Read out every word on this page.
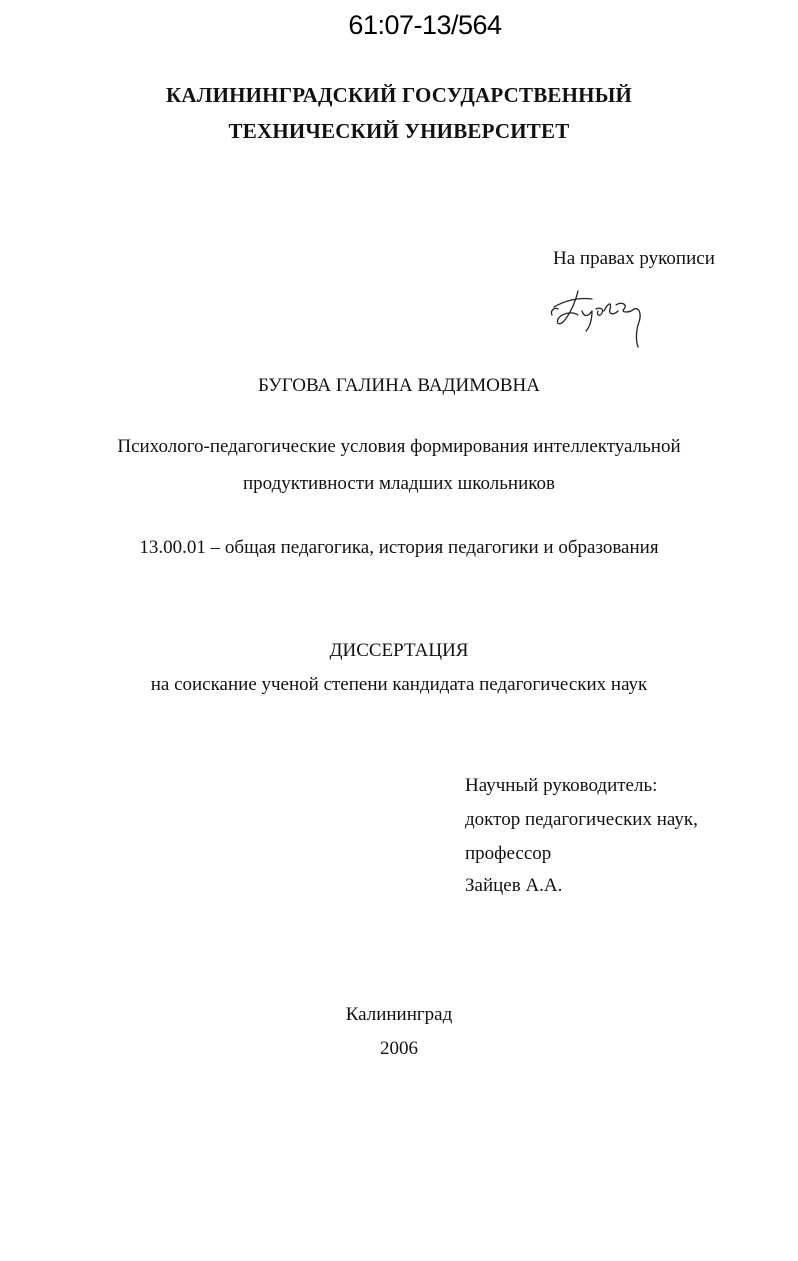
61:07-13/564
КАЛИНИНГРАДСКИЙ ГОСУДАРСТВЕННЫЙ
ТЕХНИЧЕСКИЙ УНИВЕРСИТЕТ
На правах рукописи
БУГОВА ГАЛИНА ВАДИМОВНА
Психолого-педагогические условия формирования интеллектуальной
продуктивности младших школьников
13.00.01 – общая педагогика, история педагогики и образования
ДИССЕРТАЦИЯ
на соискание ученой степени кандидата педагогических наук
Научный руководитель:
доктор педагогических наук,
профессор
Зайцев А.А.
Калининград
2006
